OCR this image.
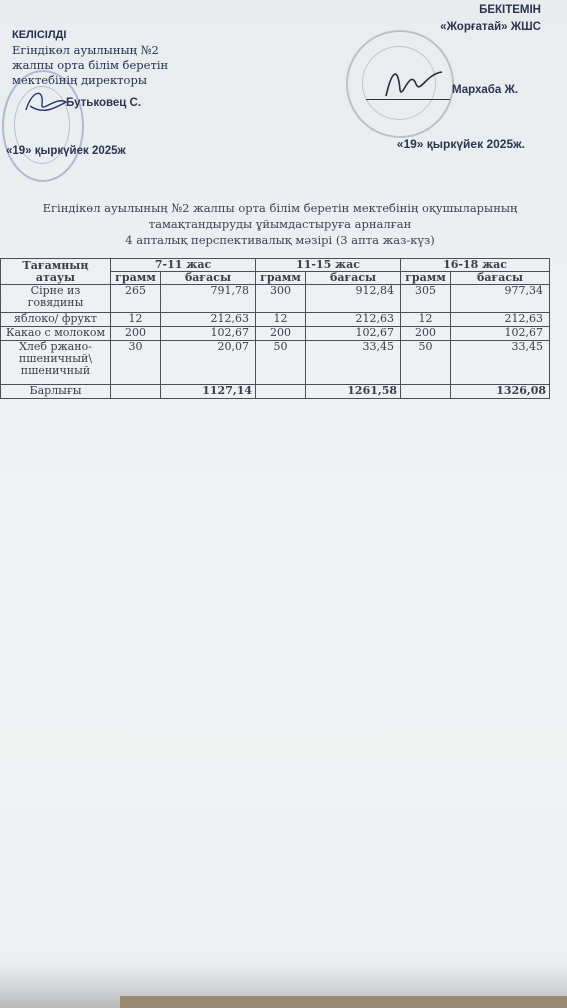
КЕЛІСІЛДІ
Егіндікөл ауылының №2
жалпы орта білім беретін
мектебінің директоры
Бутьковец С.
«19» қыркүйек 2025ж
БЕКІТЕМІН
«Жорғатай» ЖШС
Мархаба Ж.
«19» қыркүйек 2025ж.
Егіндікөл ауылының №2 жалпы орта білім беретін мектебінің оқушыларының
тамақтандыруды ұйымдастыруға арналған
4 апталық перспективалық мәзірі (3 апта жаз-күз)
Тағамның атауы	7-11 жас		11-15 жас		16-18 жас	
	грамм	бағасы	грамм	бағасы	грамм	бағасы
Сірне из говядины	265	791,78	300	912,84	305	977,34
яблоко/ фрукт	12	212,63	12	212,63	12	212,63
Какао с молоком	200	102,67	200	102,67	200	102,67
Хлеб ржано-пшеничный\ пшеничный	30	20,07	50	33,45	50	33,45
Барлығы		1127,14		1261,58		1326,08
